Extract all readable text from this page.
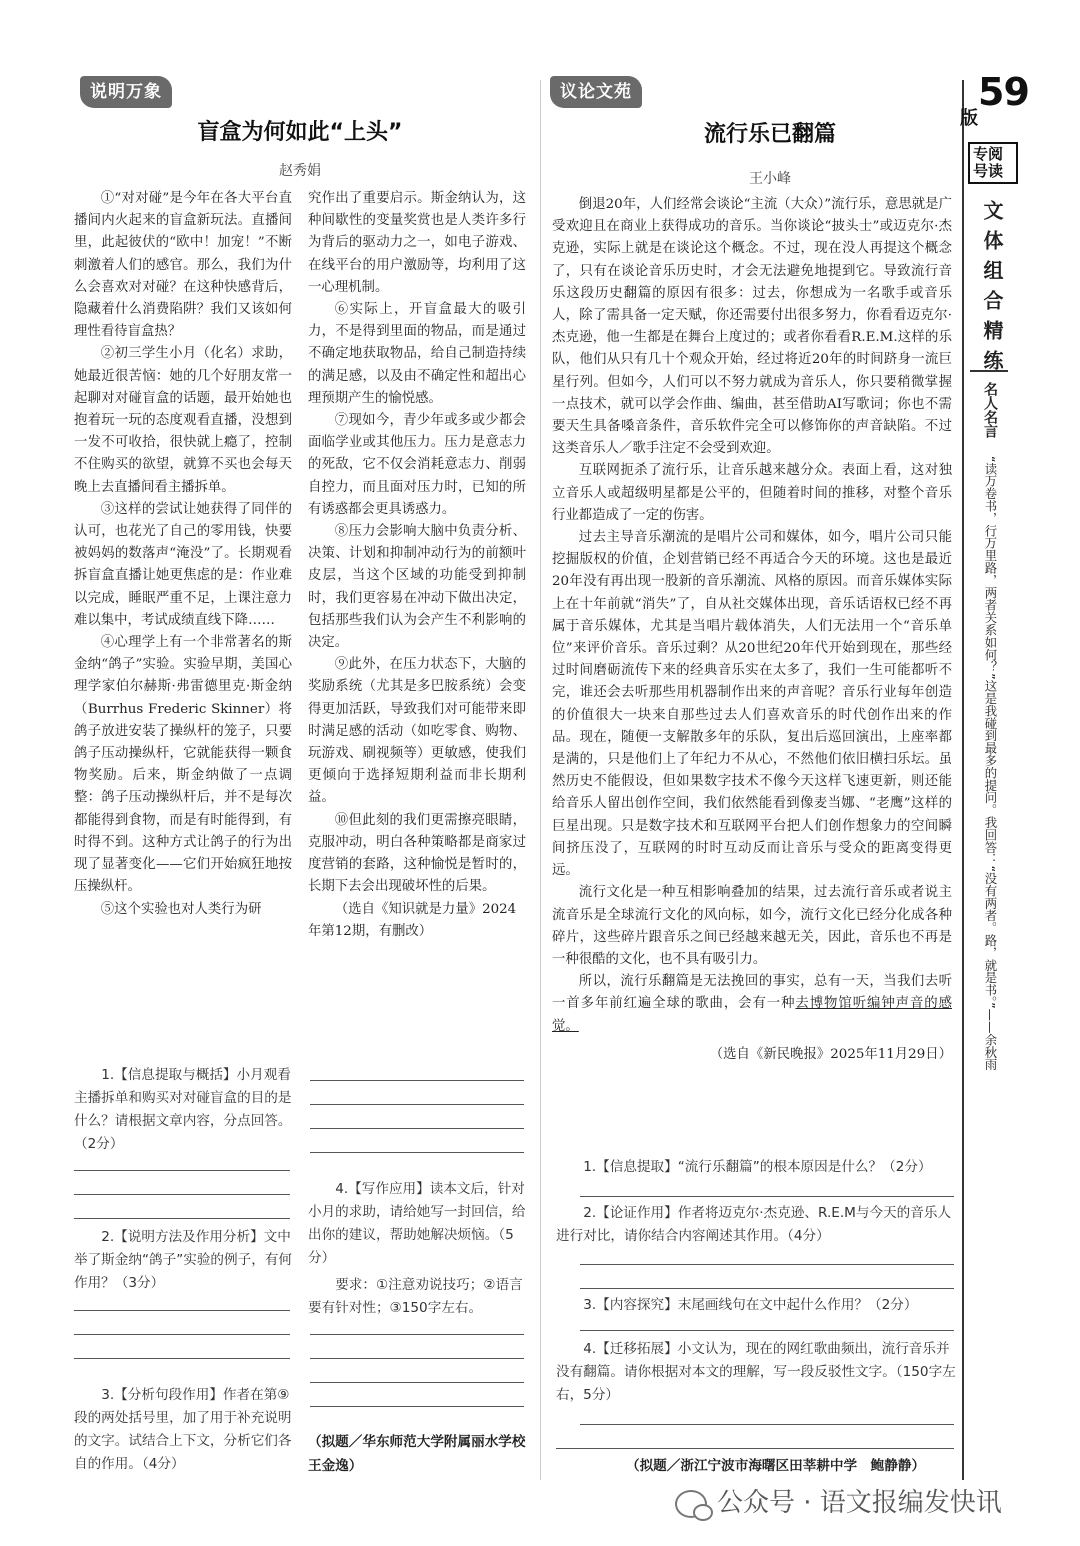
说明万象
盲盒为何如此“上头”
赵秀娟

①“对对碰”是今年在各大平台直播间内火起来的盲盒新玩法。直播间里，此起彼伏的“欧中！加宠！”不断刺激着人们的感官。那么，我们为什么会喜欢对对碰？在这种快感背后，隐藏着什么消费陷阱？我们又该如何理性看待盲盒热？

②初三学生小月（化名）求助，她最近很苦恼：她的几个好朋友常一起聊对对碰盲盒的话题，最开始她也抱着玩一玩的态度观看直播，没想到一发不可收拾，很快就上瘾了，控制不住购买的欲望，就算不买也会每天晚上去直播间看主播拆单。

③这样的尝试让她获得了同伴的认可，也花光了自己的零用钱，快要被妈妈的数落声“淹没”了。长期观看拆盲盒直播让她更焦虑的是：作业难以完成，睡眠严重不足，上课注意力难以集中，考试成绩直线下降……

④心理学上有一个非常著名的斯金纳“鸽子”实验。实验早期，美国心理学家伯尔赫斯·弗雷德里克·斯金纳（Burrhus Frederic Skinner）将鸽子放进安装了操纵杆的笼子，只要鸽子压动操纵杆，它就能获得一颗食物奖励。后来，斯金纳做了一点调整：鸽子压动操纵杆后，并不是每次都能得到食物，而是有时能得到，有时得不到。这种方式让鸽子的行为出现了显著变化——它们开始疯狂地按压操纵杆。

⑤这个实验也对人类行为研

究作出了重要启示。斯金纳认为，这种间歇性的变量奖赏也是人类许多行为背后的驱动力之一，如电子游戏、在线平台的用户激励等，均利用了这一心理机制。

⑥实际上，开盲盒最大的吸引力，不是得到里面的物品，而是通过不确定地获取物品，给自己制造持续的满足感，以及由不确定性和超出心理预期产生的愉悦感。

⑦现如今，青少年或多或少都会面临学业或其他压力。压力是意志力的死敌，它不仅会消耗意志力、削弱自控力，而且面对压力时，已知的所有诱惑都会更具诱惑力。

⑧压力会影响大脑中负责分析、决策、计划和抑制冲动行为的前额叶皮层，当这个区域的功能受到抑制时，我们更容易在冲动下做出决定，包括那些我们认为会产生不利影响的决定。

⑨此外，在压力状态下，大脑的奖励系统（尤其是多巴胺系统）会变得更加活跃，导致我们对可能带来即时满足感的活动（如吃零食、购物、玩游戏、刷视频等）更敏感，使我们更倾向于选择短期利益而非长期利益。

⑩但此刻的我们更需擦亮眼睛，克服冲动，明白各种策略都是商家过度营销的套路，这种愉悦是暂时的，长期下去会出现破坏性的后果。

（选自《知识就是力量》2024年第12期，有删改）

1.【信息提取与概括】小月观看主播拆单和购买对对碰盲盒的目的是什么？请根据文章内容，分点回答。（2分）

2.【说明方法及作用分析】文中举了斯金纳“鸽子”实验的例子，有何作用？（3分）

3.【分析句段作用】作者在第⑨段的两处括号里，加了用于补充说明的文字。试结合上下文，分析它们各自的作用。（4分）

4.【写作应用】读本文后，针对小月的求助，请给她写一封回信，给出你的建议，帮助她解决烦恼。（5分）

要求：①注意劝说技巧；②语言要有针对性；③150字左右。

（拟题／华东师范大学附属丽水学校　王金逸）
议论文苑
流行乐已翻篇
王小峰

倒退20年，人们经常会谈论“主流（大众）”流行乐，意思就是广受欢迎且在商业上获得成功的音乐。当你谈论“披头士”或迈克尔·杰克逊，实际上就是在谈论这个概念。不过，现在没人再提这个概念了，只有在谈论音乐历史时，才会无法避免地提到它。导致流行音乐这段历史翻篇的原因有很多：过去，你想成为一名歌手或音乐人，除了需具备一定天赋，你还需要付出很多努力，你看看迈克尔·杰克逊，他一生都是在舞台上度过的；或者你看看R.E.M.这样的乐队，他们从只有几十个观众开始，经过将近20年的时间跻身一流巨星行列。但如今，人们可以不努力就成为音乐人，你只要稍微掌握一点技术，就可以学会作曲、编曲，甚至借助AI写歌词；你也不需要天生具备嗓音条件，音乐软件完全可以修饰你的声音缺陷。不过这类音乐人／歌手注定不会受到欢迎。

互联网扼杀了流行乐，让音乐越来越分众。表面上看，这对独立音乐人或超级明星都是公平的，但随着时间的推移，对整个音乐行业都造成了一定的伤害。

过去主导音乐潮流的是唱片公司和媒体，如今，唱片公司只能挖掘版权的价值，企划营销已经不再适合今天的环境。这也是最近20年没有再出现一股新的音乐潮流、风格的原因。而音乐媒体实际上在十年前就“消失”了，自从社交媒体出现，音乐话语权已经不再属于音乐媒体，尤其是当唱片载体消失，人们无法用一个“音乐单位”来评价音乐。音乐过剩？从20世纪20年代开始到现在，那些经过时间磨砺流传下来的经典音乐实在太多了，我们一生可能都听不完，谁还会去听那些用机器制作出来的声音呢？音乐行业每年创造的价值很大一块来自那些过去人们喜欢音乐的时代创作出来的作品。现在，随便一支解散多年的乐队，复出后巡回演出，上座率都是满的，只是他们上了年纪力不从心，不然他们依旧横扫乐坛。虽然历史不能假设，但如果数字技术不像今天这样飞速更新，则还能给音乐人留出创作空间，我们依然能看到像麦当娜、“老鹰”这样的巨星出现。只是数字技术和互联网平台把人们创作想象力的空间瞬间挤压没了，互联网的时时互动反而让音乐与受众的距离变得更远。

流行文化是一种互相影响叠加的结果，过去流行音乐或者说主流音乐是全球流行文化的风向标，如今，流行文化已经分化成各种碎片，这些碎片跟音乐之间已经越来越无关，因此，音乐也不再是一种很酷的文化，也不具有吸引力。

所以，流行乐翻篇是无法挽回的事实，总有一天，当我们去听一首多年前红遍全球的歌曲，会有一种去博物馆听编钟声音的感觉。

（选自《新民晚报》2025年11月29日）

1.【信息提取】“流行乐翻篇”的根本原因是什么？（2分）

2.【论证作用】作者将迈克尔·杰克逊、R.E.M与今天的音乐人进行对比，请你结合内容阐述其作用。（4分）

3.【内容探究】末尾画线句在文中起什么作用？（2分）

4.【迁移拓展】小文认为，现在的网红歌曲频出，流行音乐并没有翻篇。请你根据对本文的理解，写一段反驳性文字。（150字左右，5分）

（拟题／浙江宁波市海曙区田莘耕中学　鲍静静）
59
版
专阅号读
文体组合精练
名人名言
“读万卷书，行万里路，两者关系如何？”这是我碰到最多的提问。我回答：“没有两者。路，就是书。”——余秋雨
公众号 · 语文报编发快讯
